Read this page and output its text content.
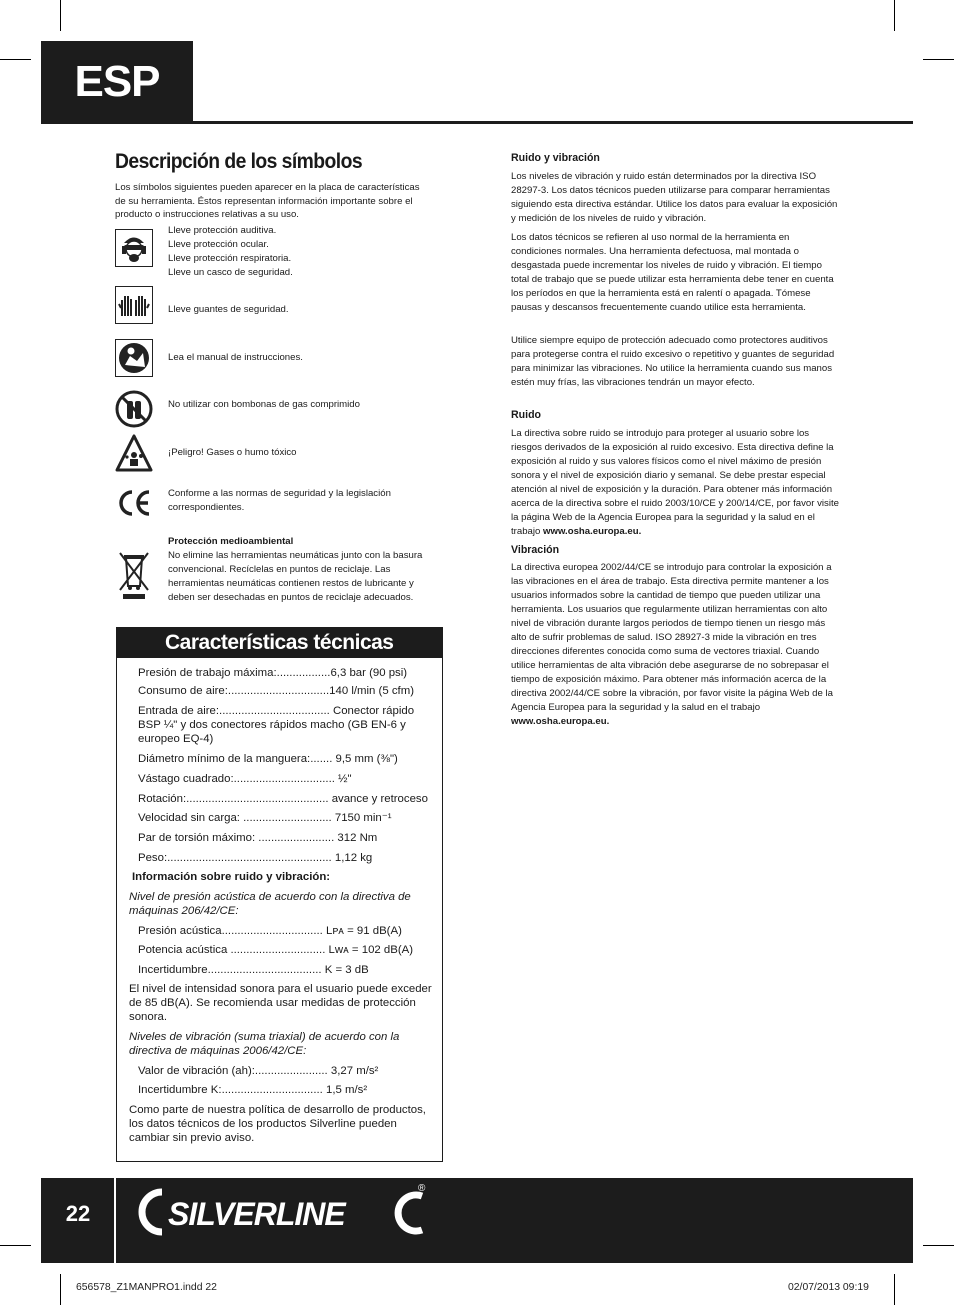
ESP
Descripción de los símbolos
Los símbolos siguientes pueden aparecer en la placa de características de su herramienta. Éstos representan información importante sobre el producto o instrucciones relativas a su uso.
Lleve protección auditiva.
Lleve protección ocular.
Lleve protección respiratoria.
Lleve un casco de seguridad.
Lleve guantes de seguridad.
Lea el manual de instrucciones.
No utilizar con bombonas de gas comprimido
¡Peligro! Gases o humo tóxico
Conforme a las normas de seguridad y la legislación correspondientes.
Protección medioambiental
No elimine las herramientas neumáticas junto con la basura convencional. Recíclelas en puntos de reciclaje. Las herramientas neumáticas contienen restos de lubricante y deben ser desechadas en puntos de reciclaje adecuados.
Características técnicas
Presión de trabajo máxima:.................6,3 bar (90 psi)
Consumo de aire:................................140 l/min (5 cfm)
Entrada de aire:................................... Conector rápido
BSP ¼" y dos conectores rápidos macho (GB EN-6 y
europeo EQ-4)
Diámetro mínimo de la manguera:....... 9,5 mm (⅜")
Vástago cuadrado:................................ ½"
Rotación:............................................. avance y retroceso
Velocidad sin carga: ............................ 7150 min⁻¹
Par de torsión máximo: ........................ 312 Nm
Peso:.................................................... 1,12 kg
Información sobre ruido y vibración:
Nivel de presión acústica de acuerdo con la directiva de máquinas 206/42/CE:
Presión acústica................................ Lᴘᴀ = 91 dB(A)
Potencia acústica .............................. Lᴡᴀ = 102 dB(A)
Incertidumbre.................................... K = 3 dB
El nivel de intensidad sonora para el usuario puede exceder de 85 dB(A). Se recomienda usar medidas de protección sonora.
Niveles de vibración (suma triaxial) de acuerdo con la directiva de máquinas 2006/42/CE:
Valor de vibración (ah):....................... 3,27 m/s²
Incertidumbre K:................................ 1,5 m/s²
Como parte de nuestra política de desarrollo de productos, los datos técnicos de los productos Silverline pueden cambiar sin previo aviso.
Ruido y vibración
Los niveles de vibración y ruido están determinados por la directiva ISO 28297-3. Los datos técnicos pueden utilizarse para comparar herramientas siguiendo esta directiva estándar. Utilice los datos para evaluar la exposición y medición de los niveles de ruido y vibración.
Los datos técnicos se refieren al uso normal de la herramienta en condiciones normales. Una herramienta defectuosa, mal montada o desgastada puede incrementar los niveles de ruido y vibración. El tiempo total de trabajo que se puede utilizar esta herramienta debe tener en cuenta los períodos en que la herramienta está en ralentí o apagada. Tómese pausas y descansos frecuentemente cuando utilice esta herramienta.
Utilice siempre equipo de protección adecuado como protectores auditivos para protegerse contra el ruido excesivo o repetitivo y guantes de seguridad para minimizar las vibraciones. No utilice la herramienta cuando sus manos estén muy frías, las vibraciones tendrán un mayor efecto.
Ruido
La directiva sobre ruido se introdujo para proteger al usuario sobre los riesgos derivados de la exposición al ruido excesivo. Esta directiva define la exposición al ruido y sus valores físicos como el nivel máximo de presión sonora y el nivel de exposición diario y semanal. Se debe prestar especial atención al nivel de exposición y la duración. Para obtener más información acerca de la directiva sobre el ruido 2003/10/CE y 200/14/CE, por favor visite la página Web de la Agencia Europea para la seguridad y la salud en el trabajo www.osha.europa.eu.
Vibración
La directiva europea 2002/44/CE se introdujo para controlar la exposición a las vibraciones en el área de trabajo. Esta directiva permite mantener a los usuarios informados sobre la cantidad de tiempo que pueden utilizar una herramienta. Los usuarios que regularmente utilizan herramientas con alto nivel de vibración durante largos periodos de tiempo tienen un riesgo más alto de sufrir problemas de salud. ISO 28927-3 mide la vibración en tres direcciones diferentes conocida como suma de vectores triaxial. Cuando utilice herramientas de alta vibración debe asegurarse de no sobrepasar el tiempo de exposición máximo. Para obtener más información acerca de la directiva 2002/44/CE sobre la vibración, por favor visite la página Web de la Agencia Europea para la seguridad y la salud en el trabajo www.osha.europa.eu.
22	SILVERLINE
®
656578_Z1MANPRO1.indd 22	02/07/2013 09:19
